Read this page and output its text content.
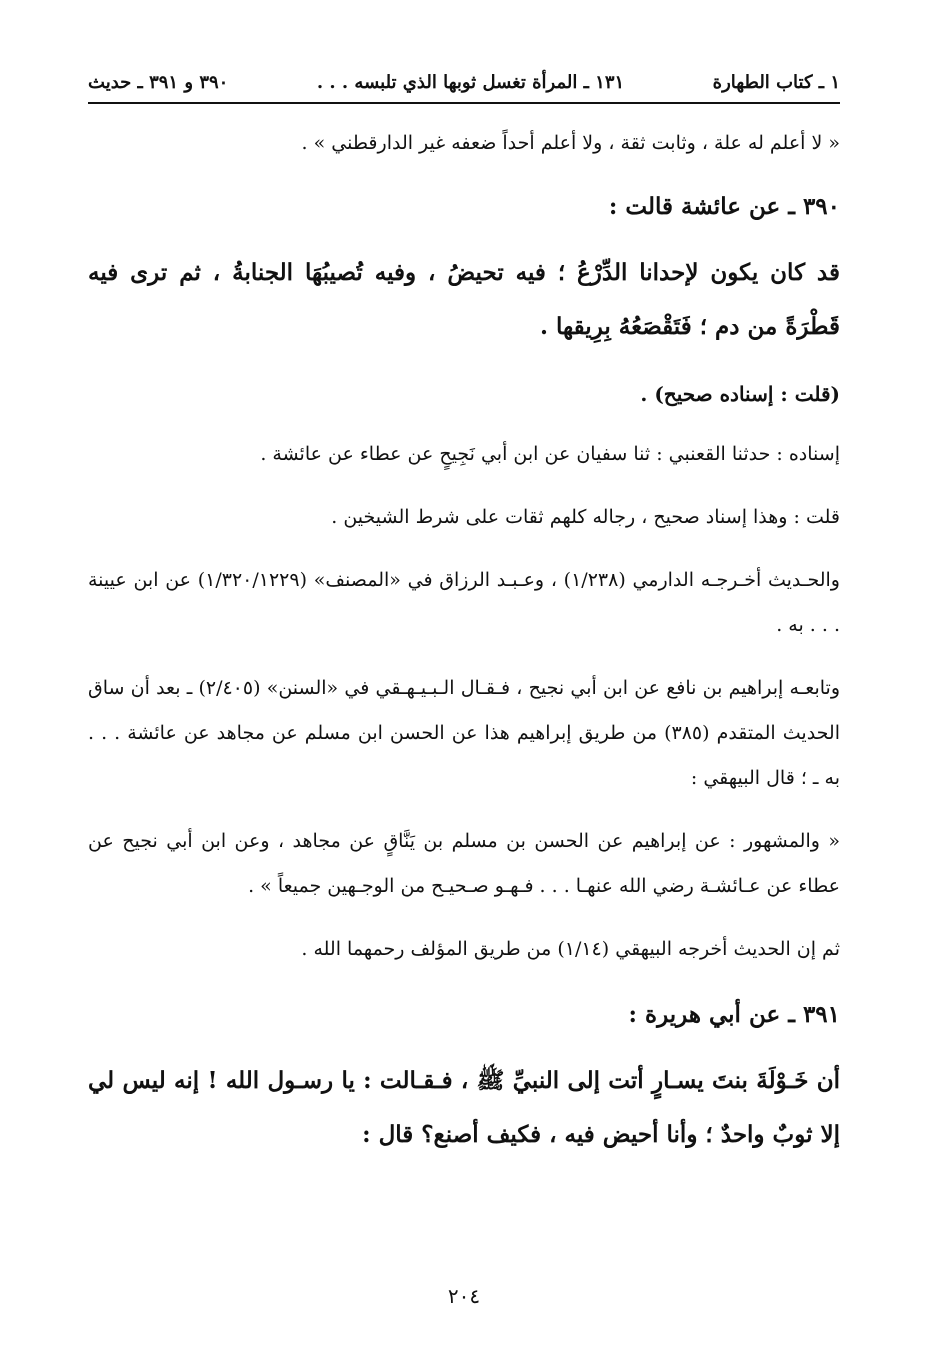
١ ـ كتاب الطهارة
١٣١ ـ المرأة تغسل ثوبها الذي تلبسه . . .
٣٩٠ و ٣٩١ ـ حديث

« لا أعلم له علة ، وثابت ثقة ، ولا أعلم أحداً ضعفه غير الدارقطني » .

٣٩٠ ـ عن عائشة قالت :

قد كان يكون لإحدانا الدِّرْعُ ؛ فيه تحيضُ ، وفيه تُصيبُهَا الجنابةُ ، ثم ترى فيه قَطْرَةً من دم ؛ فَتَقْصَعُهُ بِرِيقها .

(قلت : إسناده صحيح) .

إسناده : حدثنا القعنبي : ثنا سفيان عن ابن أبي نَجِيحٍ عن عطاء عن عائشة .

قلت : وهذا إسناد صحيح ، رجاله كلهم ثقات على شرط الشيخين .

والحـديث أخـرجـه الدارمي (١/٢٣٨) ، وعـبـد الرزاق في «المصنف» (١/٣٢٠/١٢٢٩) عن ابن عيينة . . . به .

وتابعـه إبراهيم بن نافع عن ابن أبي نجيح ، فـقـال الـبـيـهـقي في «السنن» (٢/٤٠٥) ـ بعد أن ساق الحديث المتقدم (٣٨٥) من طريق إبراهيم هذا عن الحسن ابن مسلم عن مجاهد عن عائشة . . . به ـ ؛ قال البيهقي :

« والمشهور : عن إبراهيم عن الحسن بن مسلم بن يَنَّاقٍ عن مجاهد ، وعن ابن أبي نجيح عن عطاء عن عـائشـة رضي الله عنهـا . . . فـهـو صـحيـح من الوجـهين جميعاً » .

ثم إن الحديث أخرجه البيهقي (١/١٤) من طريق المؤلف رحمهما الله .

٣٩١ ـ عن أبي هريرة :

أن خَـوْلَةَ بنتَ يسـارٍ أتت إلى النبيِّ ﷺ ، فـقـالت : يا رسـول الله ! إنه ليس لي إلا ثوبٌ واحدٌ ؛ وأنا أحيض فيه ، فكيف أصنع؟ قال :

٢٠٤
